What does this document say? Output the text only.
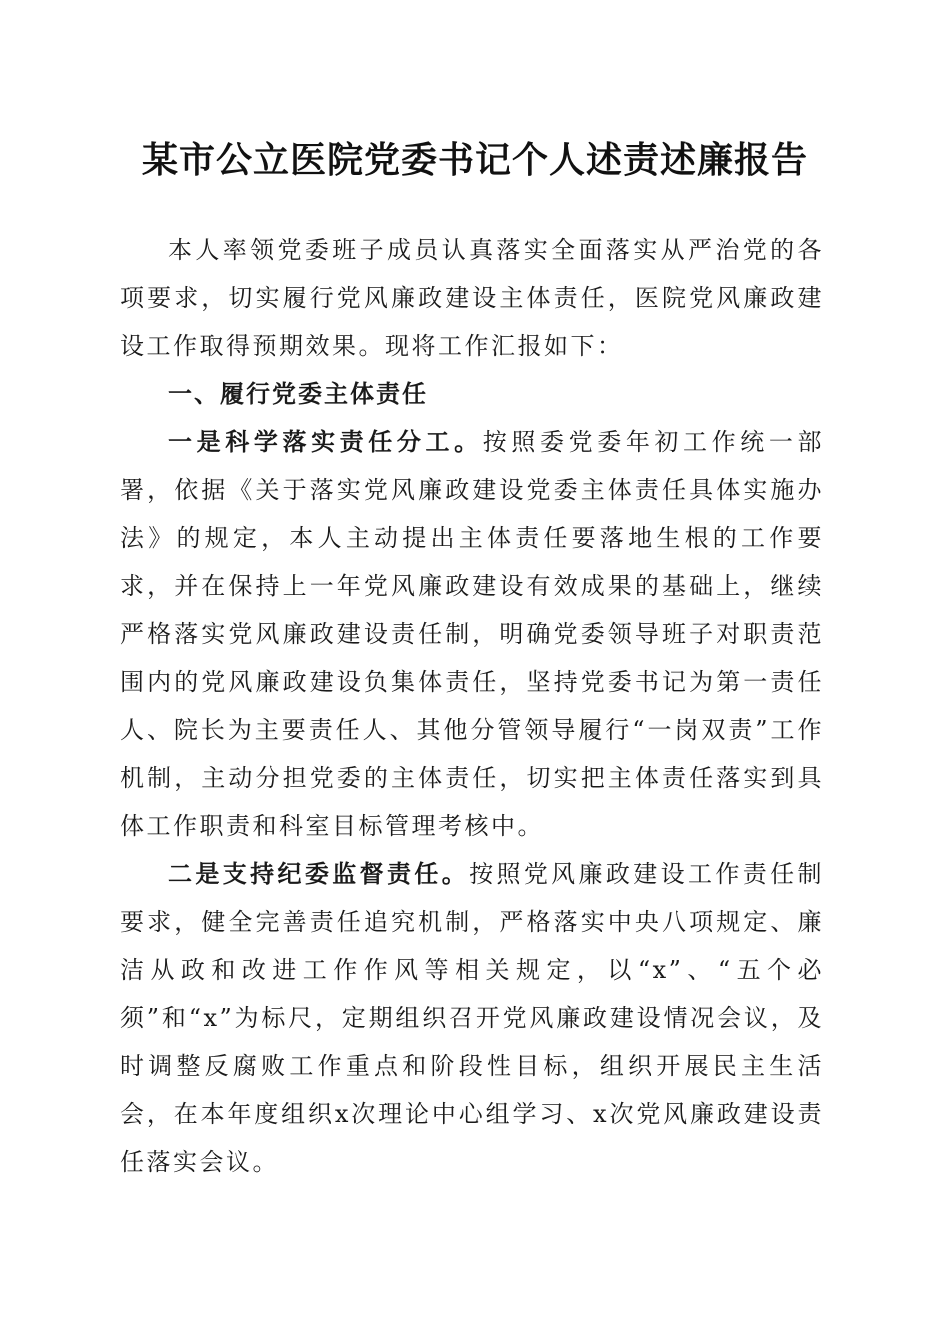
某市公立医院党委书记个人述责述廉报告

本人率领党委班子成员认真落实全面落实从严治党的各项要求，切实履行党风廉政建设主体责任，医院党风廉政建设工作取得预期效果。现将工作汇报如下：

一、履行党委主体责任

一是科学落实责任分工。按照委党委年初工作统一部署，依据《关于落实党风廉政建设党委主体责任具体实施办法》的规定，本人主动提出主体责任要落地生根的工作要求，并在保持上一年党风廉政建设有效成果的基础上，继续严格落实党风廉政建设责任制，明确党委领导班子对职责范围内的党风廉政建设负集体责任，坚持党委书记为第一责任人、院长为主要责任人、其他分管领导履行“一岗双责”工作机制，主动分担党委的主体责任，切实把主体责任落实到具体工作职责和科室目标管理考核中。

二是支持纪委监督责任。按照党风廉政建设工作责任制要求，健全完善责任追究机制，严格落实中央八项规定、廉洁从政和改进工作作风等相关规定，以“x”、“五个必须”和“x”为标尺，定期组织召开党风廉政建设情况会议，及时调整反腐败工作重点和阶段性目标，组织开展民主生活会，在本年度组织x次理论中心组学习、x次党风廉政建设责任落实会议。
